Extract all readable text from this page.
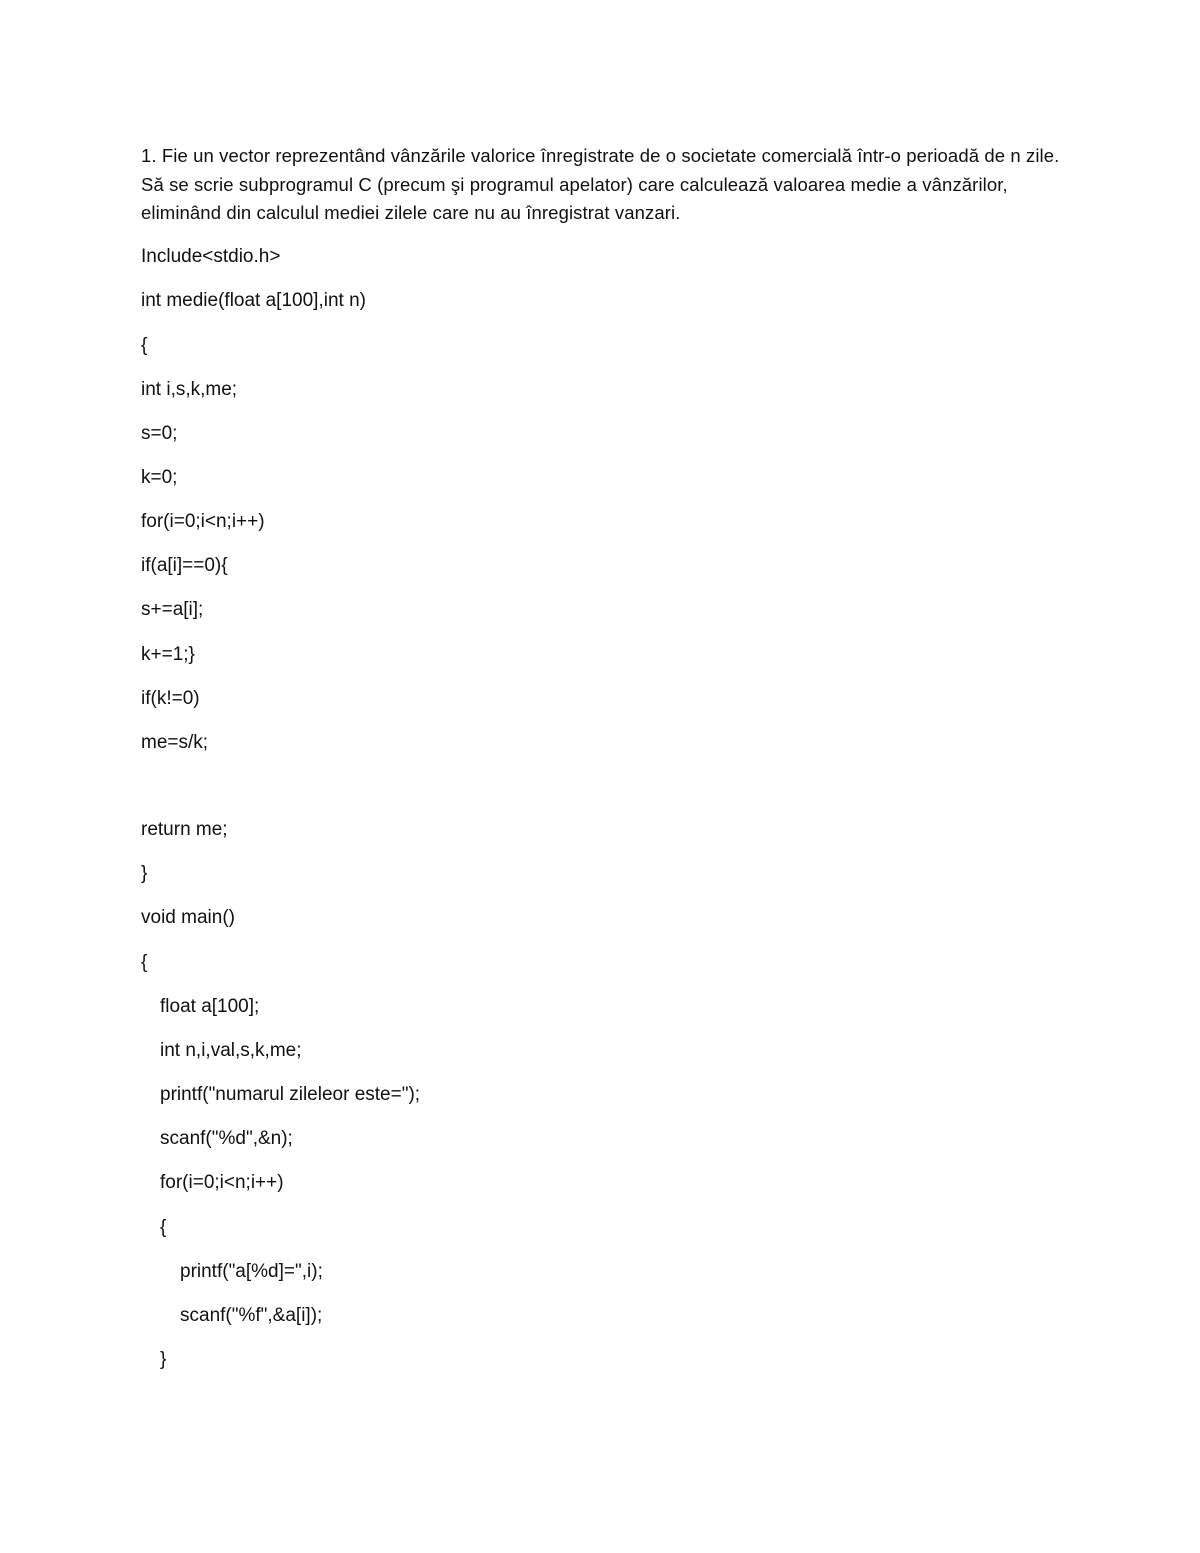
1. Fie un vector reprezentând vânzările valorice înregistrate de o societate comercială într-o perioadă de n zile. Să se scrie subprogramul C (precum şi programul apelator) care calculează valoarea medie a vânzărilor, eliminând din calculul mediei zilele care nu au înregistrat vanzari.

Include<stdio.h>
int medie(float a[100],int n)
{
int i,s,k,me;
s=0;
k=0;
for(i=0;i<n;i++)
if(a[i]==0){
s+=a[i];
k+=1;}
if(k!=0)
me=s/k;
return me;
}
void main()
{
float a[100];
int n,i,val,s,k,me;
printf("numarul zileleor este=");
scanf("%d",&n);
for(i=0;i<n;i++)
{
printf("a[%d]=",i);
scanf("%f",&a[i]);
}
